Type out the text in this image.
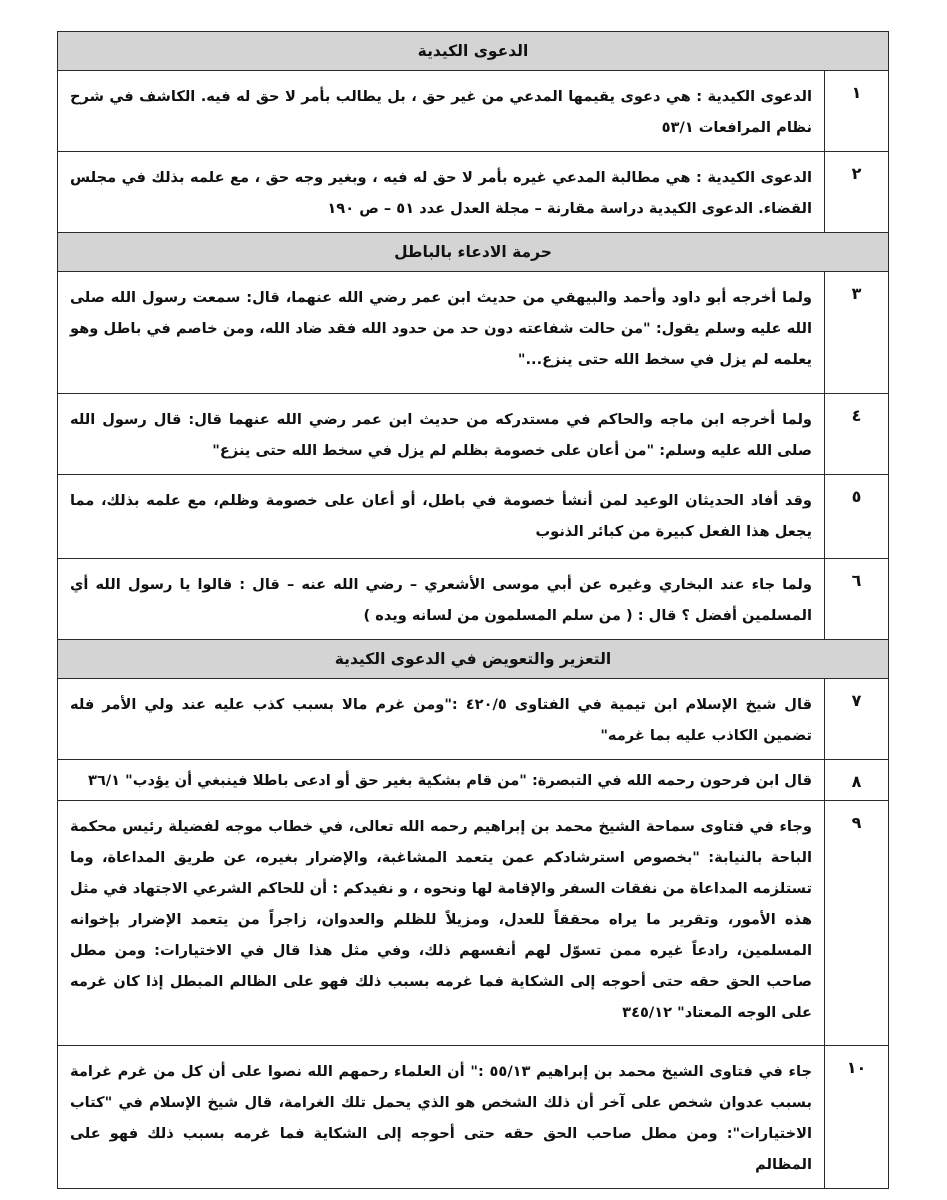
الدعوى الكيدية	
١	الدعوى الكيدية : هي دعوى يقيمها المدعي من غير حق ، بل يطالب بأمر لا حق له فيه. الكاشف في شرح نظام المرافعات ٥٣/١
٢	الدعوى الكيدية : هي مطالبة المدعي غيره بأمر لا حق له فيه ، وبغير وجه حق ، مع علمه بذلك في مجلس القضاء. الدعوى الكيدية دراسة مقارنة – مجلة العدل عدد ٥١ – ص ١٩٠
حرمة الادعاء بالباطل	
٣	ولما أخرجه أبو داود وأحمد والبيهقي من حديث ابن عمر رضي الله عنهما، قال: سمعت رسول الله صلى الله عليه وسلم يقول: "من حالت شفاعته دون حد من حدود الله فقد ضاد الله، ومن خاصم في باطل وهو يعلمه لم يزل في سخط الله حتى ينزع..."
٤	ولما أخرجه ابن ماجه والحاكم في مستدركه من حديث ابن عمر رضي الله عنهما قال: قال رسول الله صلى الله عليه وسلم: "من أعان على خصومة بظلم لم يزل في سخط الله حتى ينزع"
٥	وقد أفاد الحديثان الوعيد لمن أنشأ خصومة في باطل، أو أعان على خصومة وظلم، مع علمه بذلك، مما يجعل هذا الفعل كبيرة من كبائر الذنوب
٦	ولما جاء عند البخاري وغيره عن أبي موسى الأشعري – رضي الله عنه – قال : قالوا يا رسول الله أي المسلمين أفضل ؟ قال : ( من سلم المسلمون من لسانه ويده )
التعزير والتعويض في الدعوى الكيدية	
٧	قال شيخ الإسلام ابن تيمية في الفتاوى ٤٢٠/٥ :"ومن غرم مالا بسبب كذب عليه عند ولي الأمر فله تضمين الكاذب عليه بما غرمه"
٨	قال ابن فرحون رحمه الله في التبصرة: "من قام بشكية بغير حق أو ادعى باطلا فينبغي أن يؤدب" ٣٦/١
٩	وجاء في فتاوى سماحة الشيخ محمد بن إبراهيم رحمه الله تعالى، في خطاب موجه لفضيلة رئيس محكمة الباحة بالنيابة: "بخصوص استرشادكم عمن يتعمد المشاغبة، والإضرار بغيره، عن طريق المداعاة، وما تستلزمه المداعاة من نفقات السفر والإقامة لها ونحوه ، و نفيدكم : أن للحاكم الشرعي الاجتهاد في مثل هذه الأمور، وتقرير ما يراه محققاً للعدل، ومزيلاً للظلم والعدوان، زاجراً من يتعمد الإضرار بإخوانه المسلمين، رادعاً غيره ممن تسوّل لهم أنفسهم ذلك، وفي مثل هذا قال في الاختيارات: ومن مطل صاحب الحق حقه حتى أحوجه إلى الشكاية فما غرمه بسبب ذلك فهو على الظالم المبطل إذا كان غرمه على الوجه المعتاد" ٣٤٥/١٢
١٠	جاء في فتاوى الشيخ محمد بن إبراهيم ٥٥/١٣ :" أن العلماء رحمهم الله نصوا على أن كل من غرم غرامة بسبب عدوان شخص على آخر أن ذلك الشخص هو الذي يحمل تلك الغرامة، قال شيخ الإسلام في "كتاب الاختيارات": ومن مطل صاحب الحق حقه حتى أحوجه إلى الشكاية فما غرمه بسبب ذلك فهو على المظالم
